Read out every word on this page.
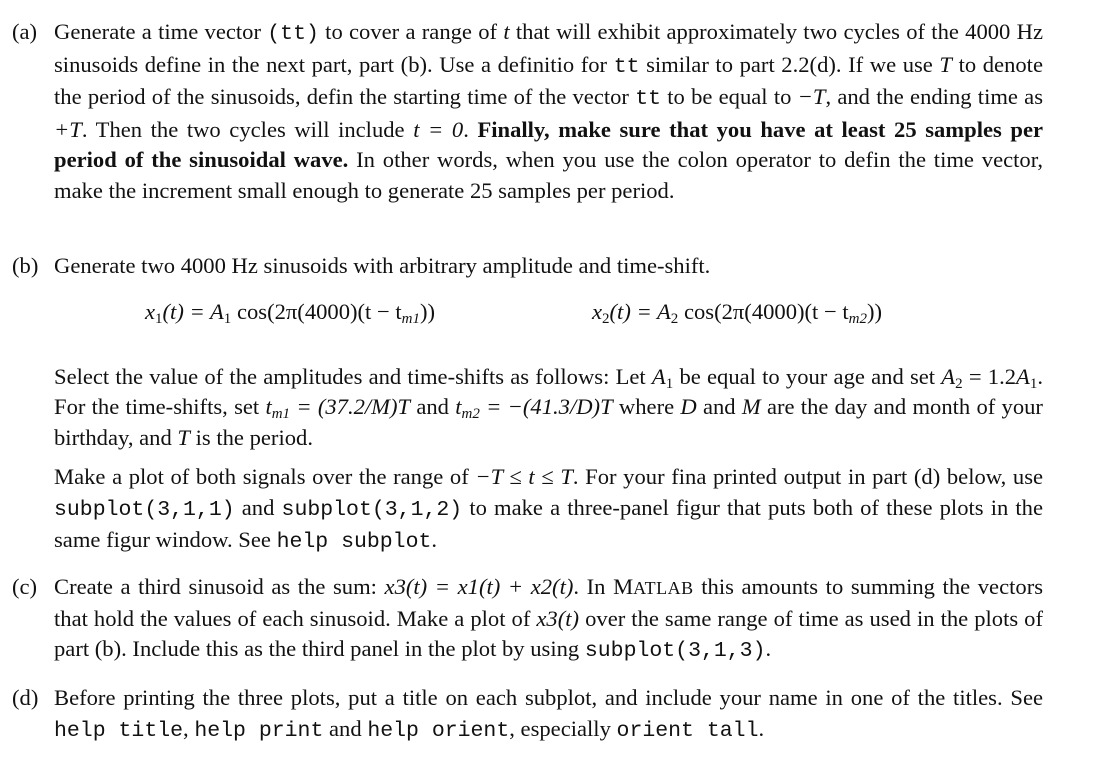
(a) Generate a time vector (tt) to cover a range of t that will exhibit approximately two cycles of the 4000 Hz sinusoids define in the next part, part (b). Use a definitio for tt similar to part 2.2(d). If we use T to denote the period of the sinusoids, defin the starting time of the vector tt to be equal to −T, and the ending time as +T. Then the two cycles will include t = 0. Finally, make sure that you have at least 25 samples per period of the sinusoidal wave. In other words, when you use the colon operator to defin the time vector, make the increment small enough to generate 25 samples per period.
(b) Generate two 4000 Hz sinusoids with arbitrary amplitude and time-shift.
$x_1(t) = A_1$ $\cos(2\pi(4000)(t - t_{m1}))$	$x_2(t) = A_2$ $\cos(2\pi(4000)(t - t_{m2}))$
Select the value of the amplitudes and time-shifts as follows: Let $A_1$ be equal to your age and set $A_2 = 1.2A_1$. For the time-shifts, set $t_{m1} = (37.2/M)T$ and $t_{m2} = -(41.3/D)T$ where D and M are the day and month of your birthday, and T is the period.
Make a plot of both signals over the range of −T ≤ t ≤ T. For your fina printed output in part (d) below, use subplot(3,1,1) and subplot(3,1,2) to make a three-panel figur that puts both of these plots in the same figur window. See help subplot.
(c) Create a third sinusoid as the sum: x3(t) = x1(t) + x2(t). In MATLAB this amounts to summing the vectors that hold the values of each sinusoid. Make a plot of x3(t) over the same range of time as used in the plots of part (b). Include this as the third panel in the plot by using subplot(3,1,3).
(d) Before printing the three plots, put a title on each subplot, and include your name in one of the titles. See help title, help print and help orient, especially orient tall.
